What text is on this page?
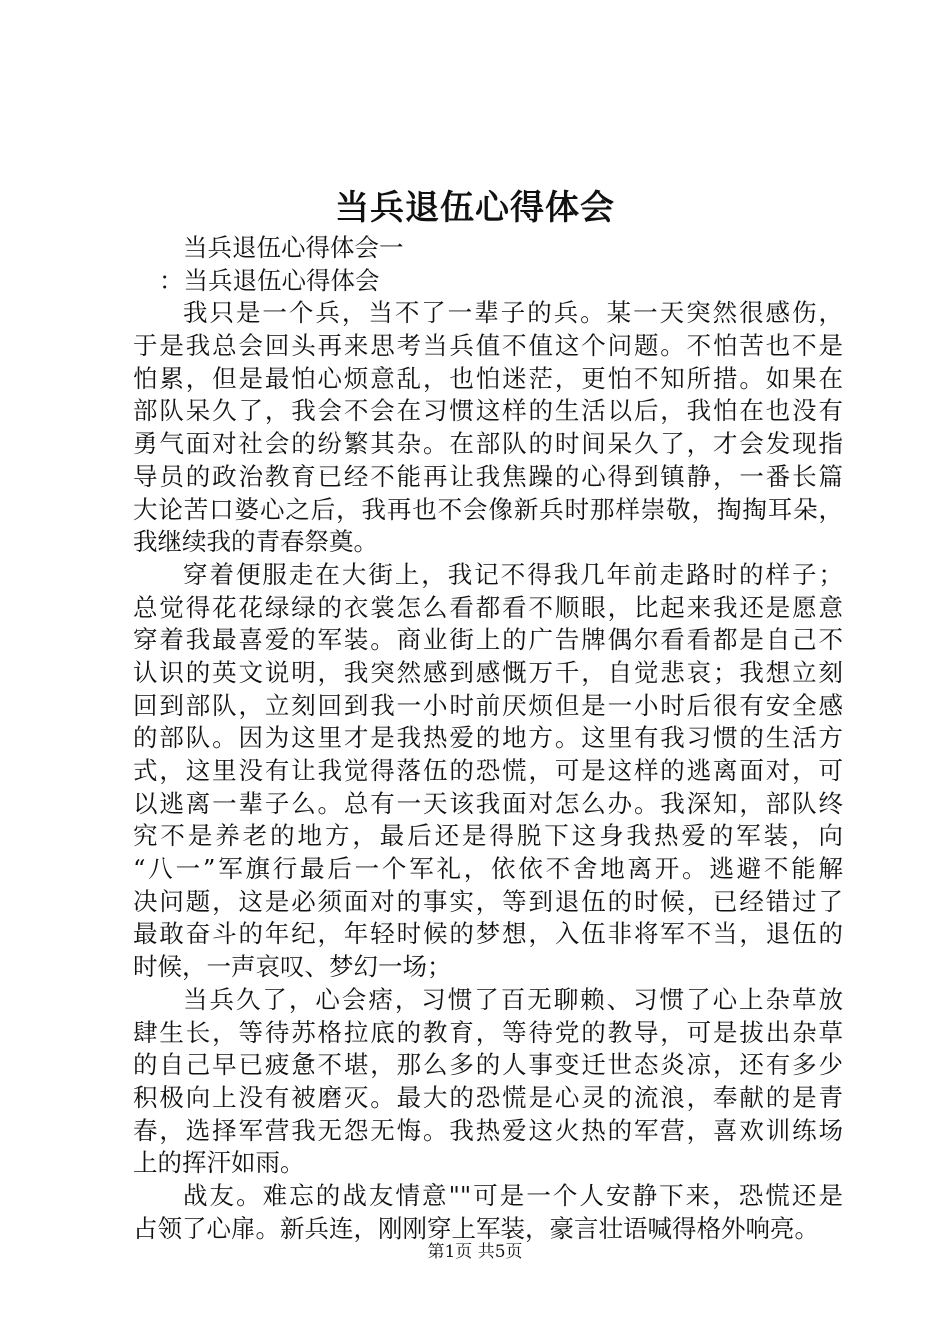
当兵退伍心得体会
当兵退伍心得体会一
：当兵退伍心得体会
我只是一个兵，当不了一辈子的兵。某一天突然很感伤，
于是我总会回头再来思考当兵值不值这个问题。不怕苦也不是
怕累，但是最怕心烦意乱，也怕迷茫，更怕不知所措。如果在
部队呆久了，我会不会在习惯这样的生活以后，我怕在也没有
勇气面对社会的纷繁其杂。在部队的时间呆久了，才会发现指
导员的政治教育已经不能再让我焦躁的心得到镇静，一番长篇
大论苦口婆心之后，我再也不会像新兵时那样崇敬，掏掏耳朵，
我继续我的青春祭奠。
穿着便服走在大街上，我记不得我几年前走路时的样子；
总觉得花花绿绿的衣裳怎么看都看不顺眼，比起来我还是愿意
穿着我最喜爱的军装。商业街上的广告牌偶尔看看都是自己不
认识的英文说明，我突然感到感慨万千，自觉悲哀；我想立刻
回到部队，立刻回到我一小时前厌烦但是一小时后很有安全感
的部队。因为这里才是我热爱的地方。这里有我习惯的生活方
式，这里没有让我觉得落伍的恐慌，可是这样的逃离面对，可
以逃离一辈子么。总有一天该我面对怎么办。我深知，部队终
究不是养老的地方，最后还是得脱下这身我热爱的军装，向
“八一”军旗行最后一个军礼，依依不舍地离开。逃避不能解
决问题，这是必须面对的事实，等到退伍的时候，已经错过了
最敢奋斗的年纪，年轻时候的梦想，入伍非将军不当，退伍的
时候，一声哀叹、梦幻一场；
当兵久了，心会痞，习惯了百无聊赖、习惯了心上杂草放
肆生长，等待苏格拉底的教育，等待党的教导，可是拔出杂草
的自己早已疲惫不堪，那么多的人事变迁世态炎凉，还有多少
积极向上没有被磨灭。最大的恐慌是心灵的流浪，奉献的是青
春，选择军营我无怨无悔。我热爱这火热的军营，喜欢训练场
上的挥汗如雨。
战友。难忘的战友情意""可是一个人安静下来，恐慌还是
占领了心扉。新兵连，刚刚穿上军装，豪言壮语喊得格外响亮。
第1页 共5页
